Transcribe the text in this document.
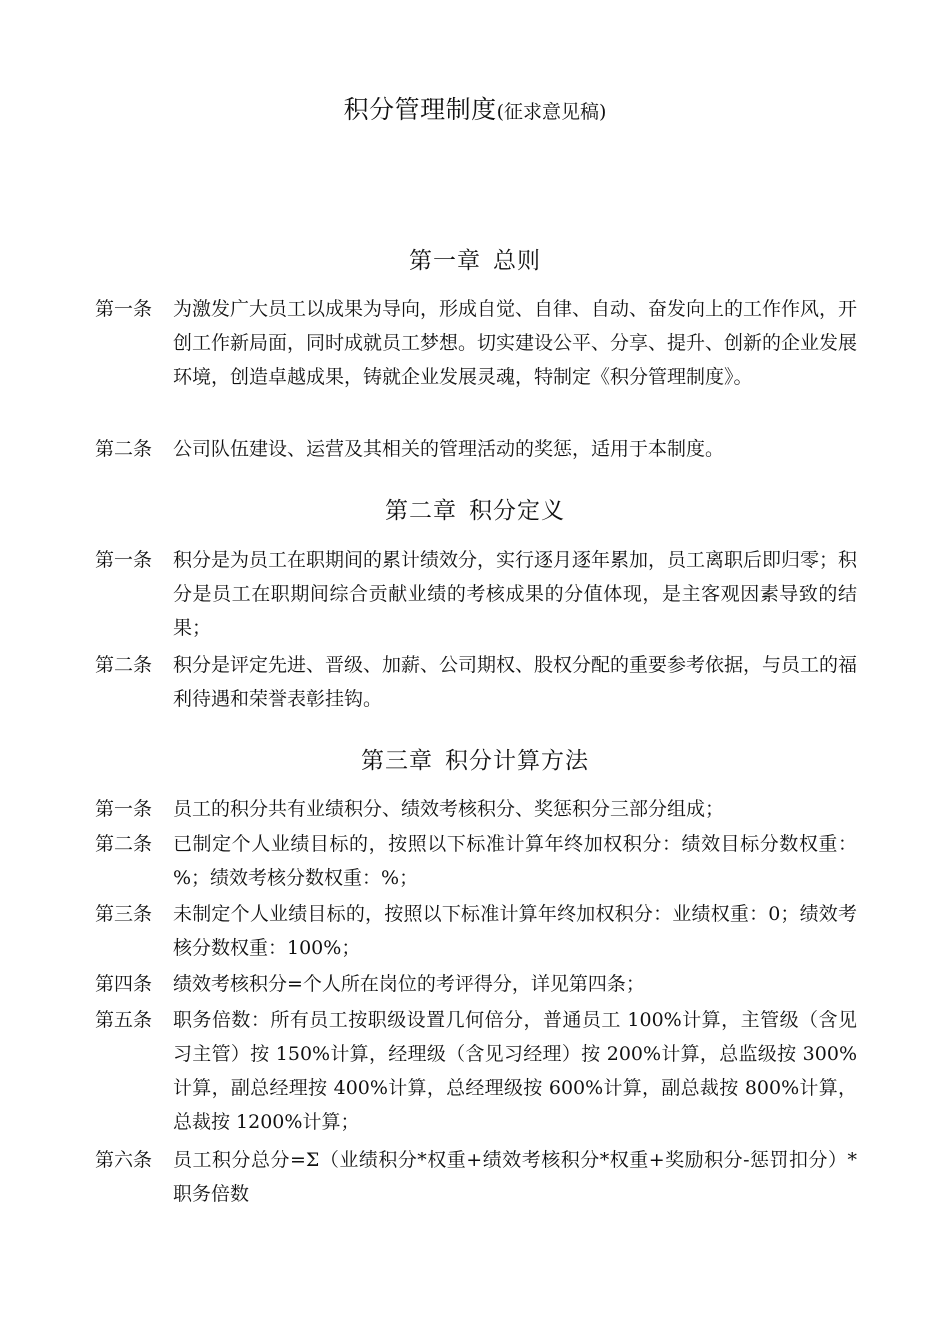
积分管理制度(征求意见稿)
第一章 总则
第一条	为激发广大员工以成果为导向，形成自觉、自律、自动、奋发向上的工作作风，开创工作新局面，同时成就员工梦想。切实建设公平、分享、提升、创新的企业发展环境，创造卓越成果，铸就企业发展灵魂，特制定《积分管理制度》。
第二条	公司队伍建设、运营及其相关的管理活动的奖惩，适用于本制度。
第二章 积分定义
第一条	积分是为员工在职期间的累计绩效分，实行逐月逐年累加，员工离职后即归零；积分是员工在职期间综合贡献业绩的考核成果的分值体现，是主客观因素导致的结果；
第二条	积分是评定先进、晋级、加薪、公司期权、股权分配的重要参考依据，与员工的福利待遇和荣誉表彰挂钩。
第三章 积分计算方法
第一条	员工的积分共有业绩积分、绩效考核积分、奖惩积分三部分组成；
第二条	已制定个人业绩目标的，按照以下标准计算年终加权积分：绩效目标分数权重：%；绩效考核分数权重：%；
第三条	未制定个人业绩目标的，按照以下标准计算年终加权积分：业绩权重：0；绩效考核分数权重：100%；
第四条	绩效考核积分=个人所在岗位的考评得分，详见第四条；
第五条	职务倍数：所有员工按职级设置几何倍分，普通员工 100%计算，主管级（含见习主管）按 150%计算，经理级（含见习经理）按 200%计算，总监级按 300%计算，副总经理按 400%计算，总经理级按 600%计算，副总裁按 800%计算，总裁按 1200%计算；
第六条	员工积分总分=Σ（业绩积分*权重+绩效考核积分*权重+奖励积分-惩罚扣分）*职务倍数
